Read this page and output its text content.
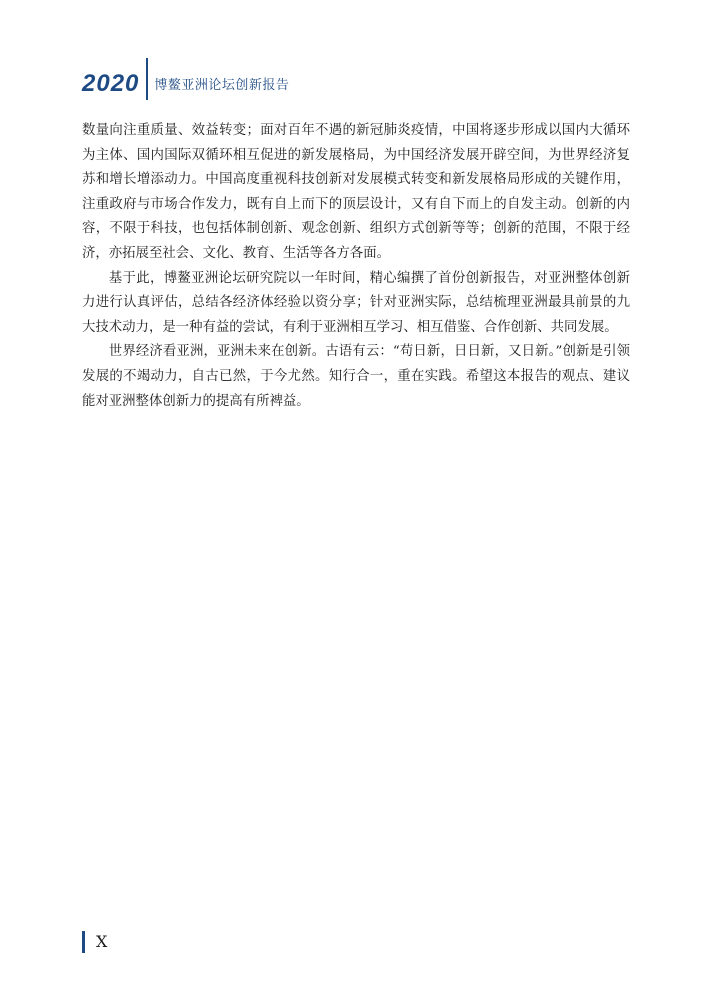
2020 博鳌亚洲论坛创新报告

数量向注重质量、效益转变；面对百年不遇的新冠肺炎疫情，中国将逐步形成以国内大循环为主体、国内国际双循环相互促进的新发展格局，为中国经济发展开辟空间，为世界经济复苏和增长增添动力。中国高度重视科技创新对发展模式转变和新发展格局形成的关键作用，注重政府与市场合作发力，既有自上而下的顶层设计，又有自下而上的自发主动。创新的内容，不限于科技，也包括体制创新、观念创新、组织方式创新等等；创新的范围，不限于经济，亦拓展至社会、文化、教育、生活等各方各面。

基于此，博鳌亚洲论坛研究院以一年时间，精心编撰了首份创新报告，对亚洲整体创新力进行认真评估，总结各经济体经验以资分享；针对亚洲实际，总结梳理亚洲最具前景的九大技术动力，是一种有益的尝试，有利于亚洲相互学习、相互借鉴、合作创新、共同发展。

世界经济看亚洲，亚洲未来在创新。古语有云：“苟日新，日日新，又日新。”创新是引领发展的不竭动力，自古已然，于今尤然。知行合一，重在实践。希望这本报告的观点、建议能对亚洲整体创新力的提高有所裨益。

X
